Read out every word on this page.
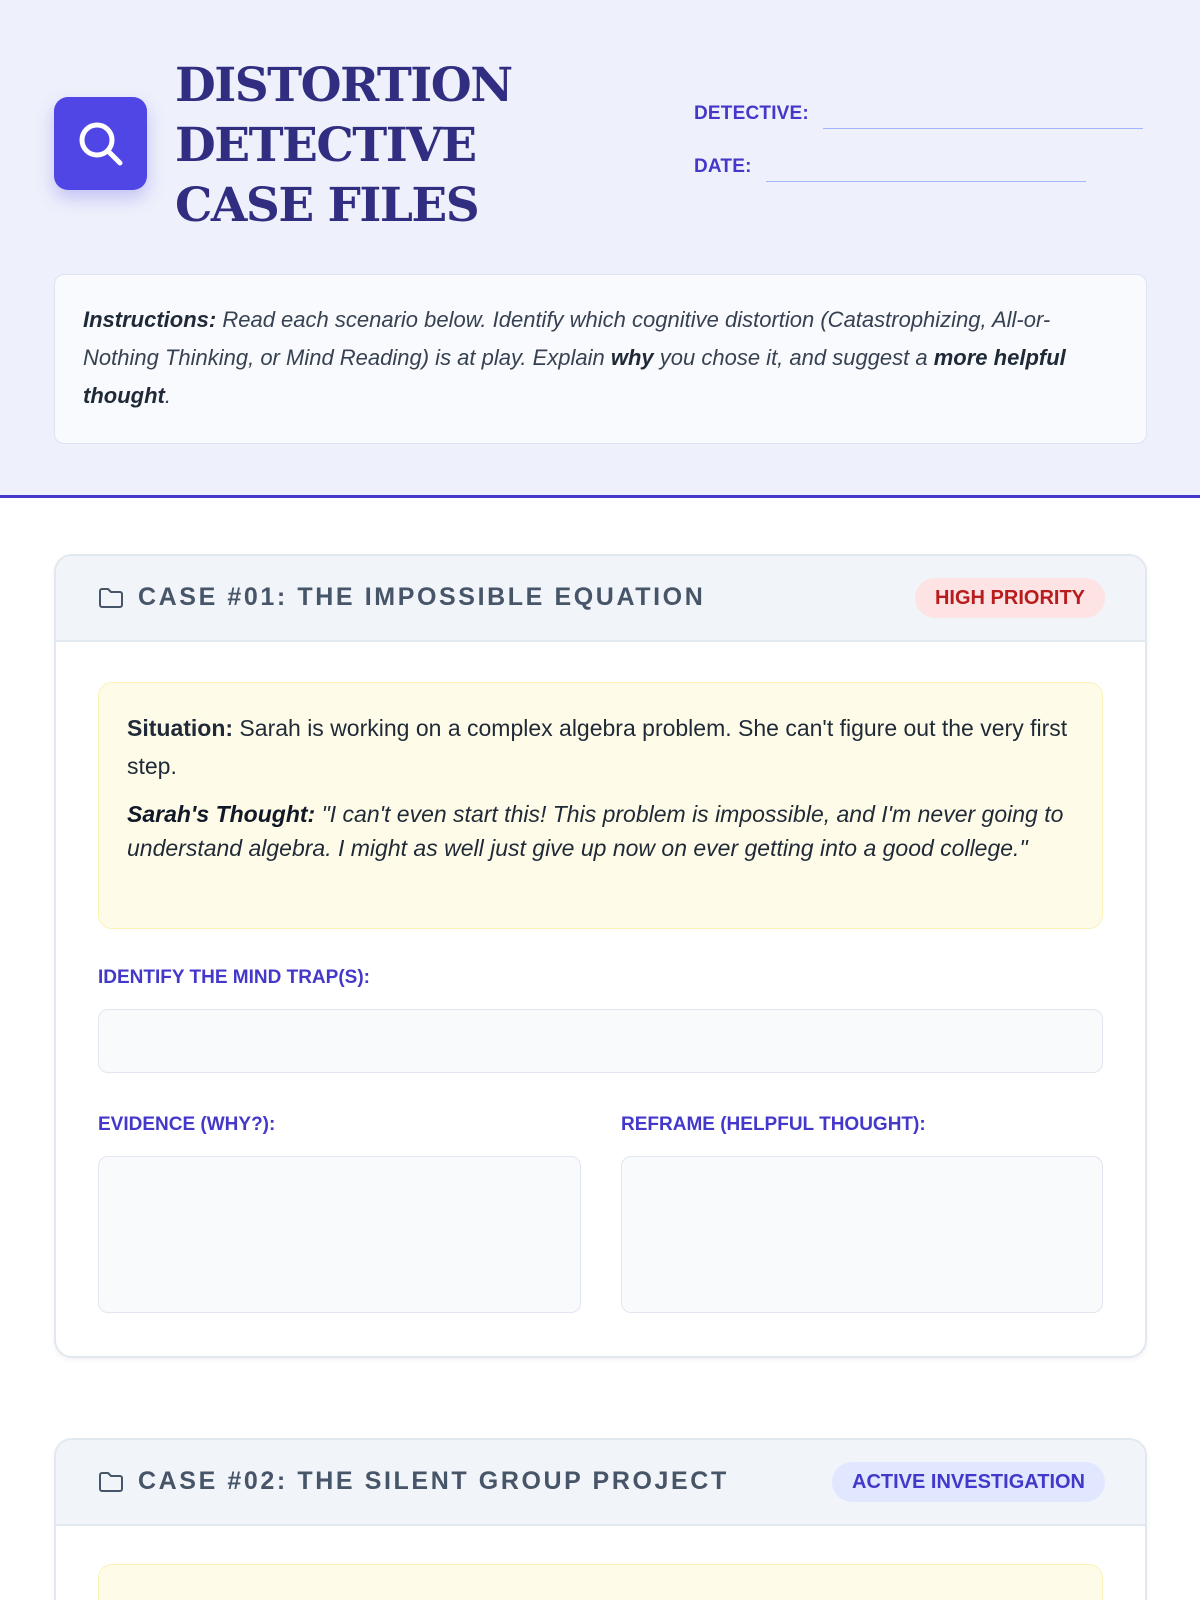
DISTORTION DETECTIVE CASE FILES
DETECTIVE:
DATE:
Instructions: Read each scenario below. Identify which cognitive distortion (Catastrophizing, All-or-Nothing Thinking, or Mind Reading) is at play. Explain why you chose it, and suggest a more helpful thought.
CASE #01: THE IMPOSSIBLE EQUATION	HIGH PRIORITY

Situation: Sarah is working on a complex algebra problem. She can't figure out the very first step.

Sarah's Thought: "I can't even start this! This problem is impossible, and I'm never going to understand algebra. I might as well just give up now on ever getting into a good college."

IDENTIFY THE MIND TRAP(S):
EVIDENCE (WHY?):	REFRAME (HELPFUL THOUGHT):
CASE #02: THE SILENT GROUP PROJECT	ACTIVE INVESTIGATION
